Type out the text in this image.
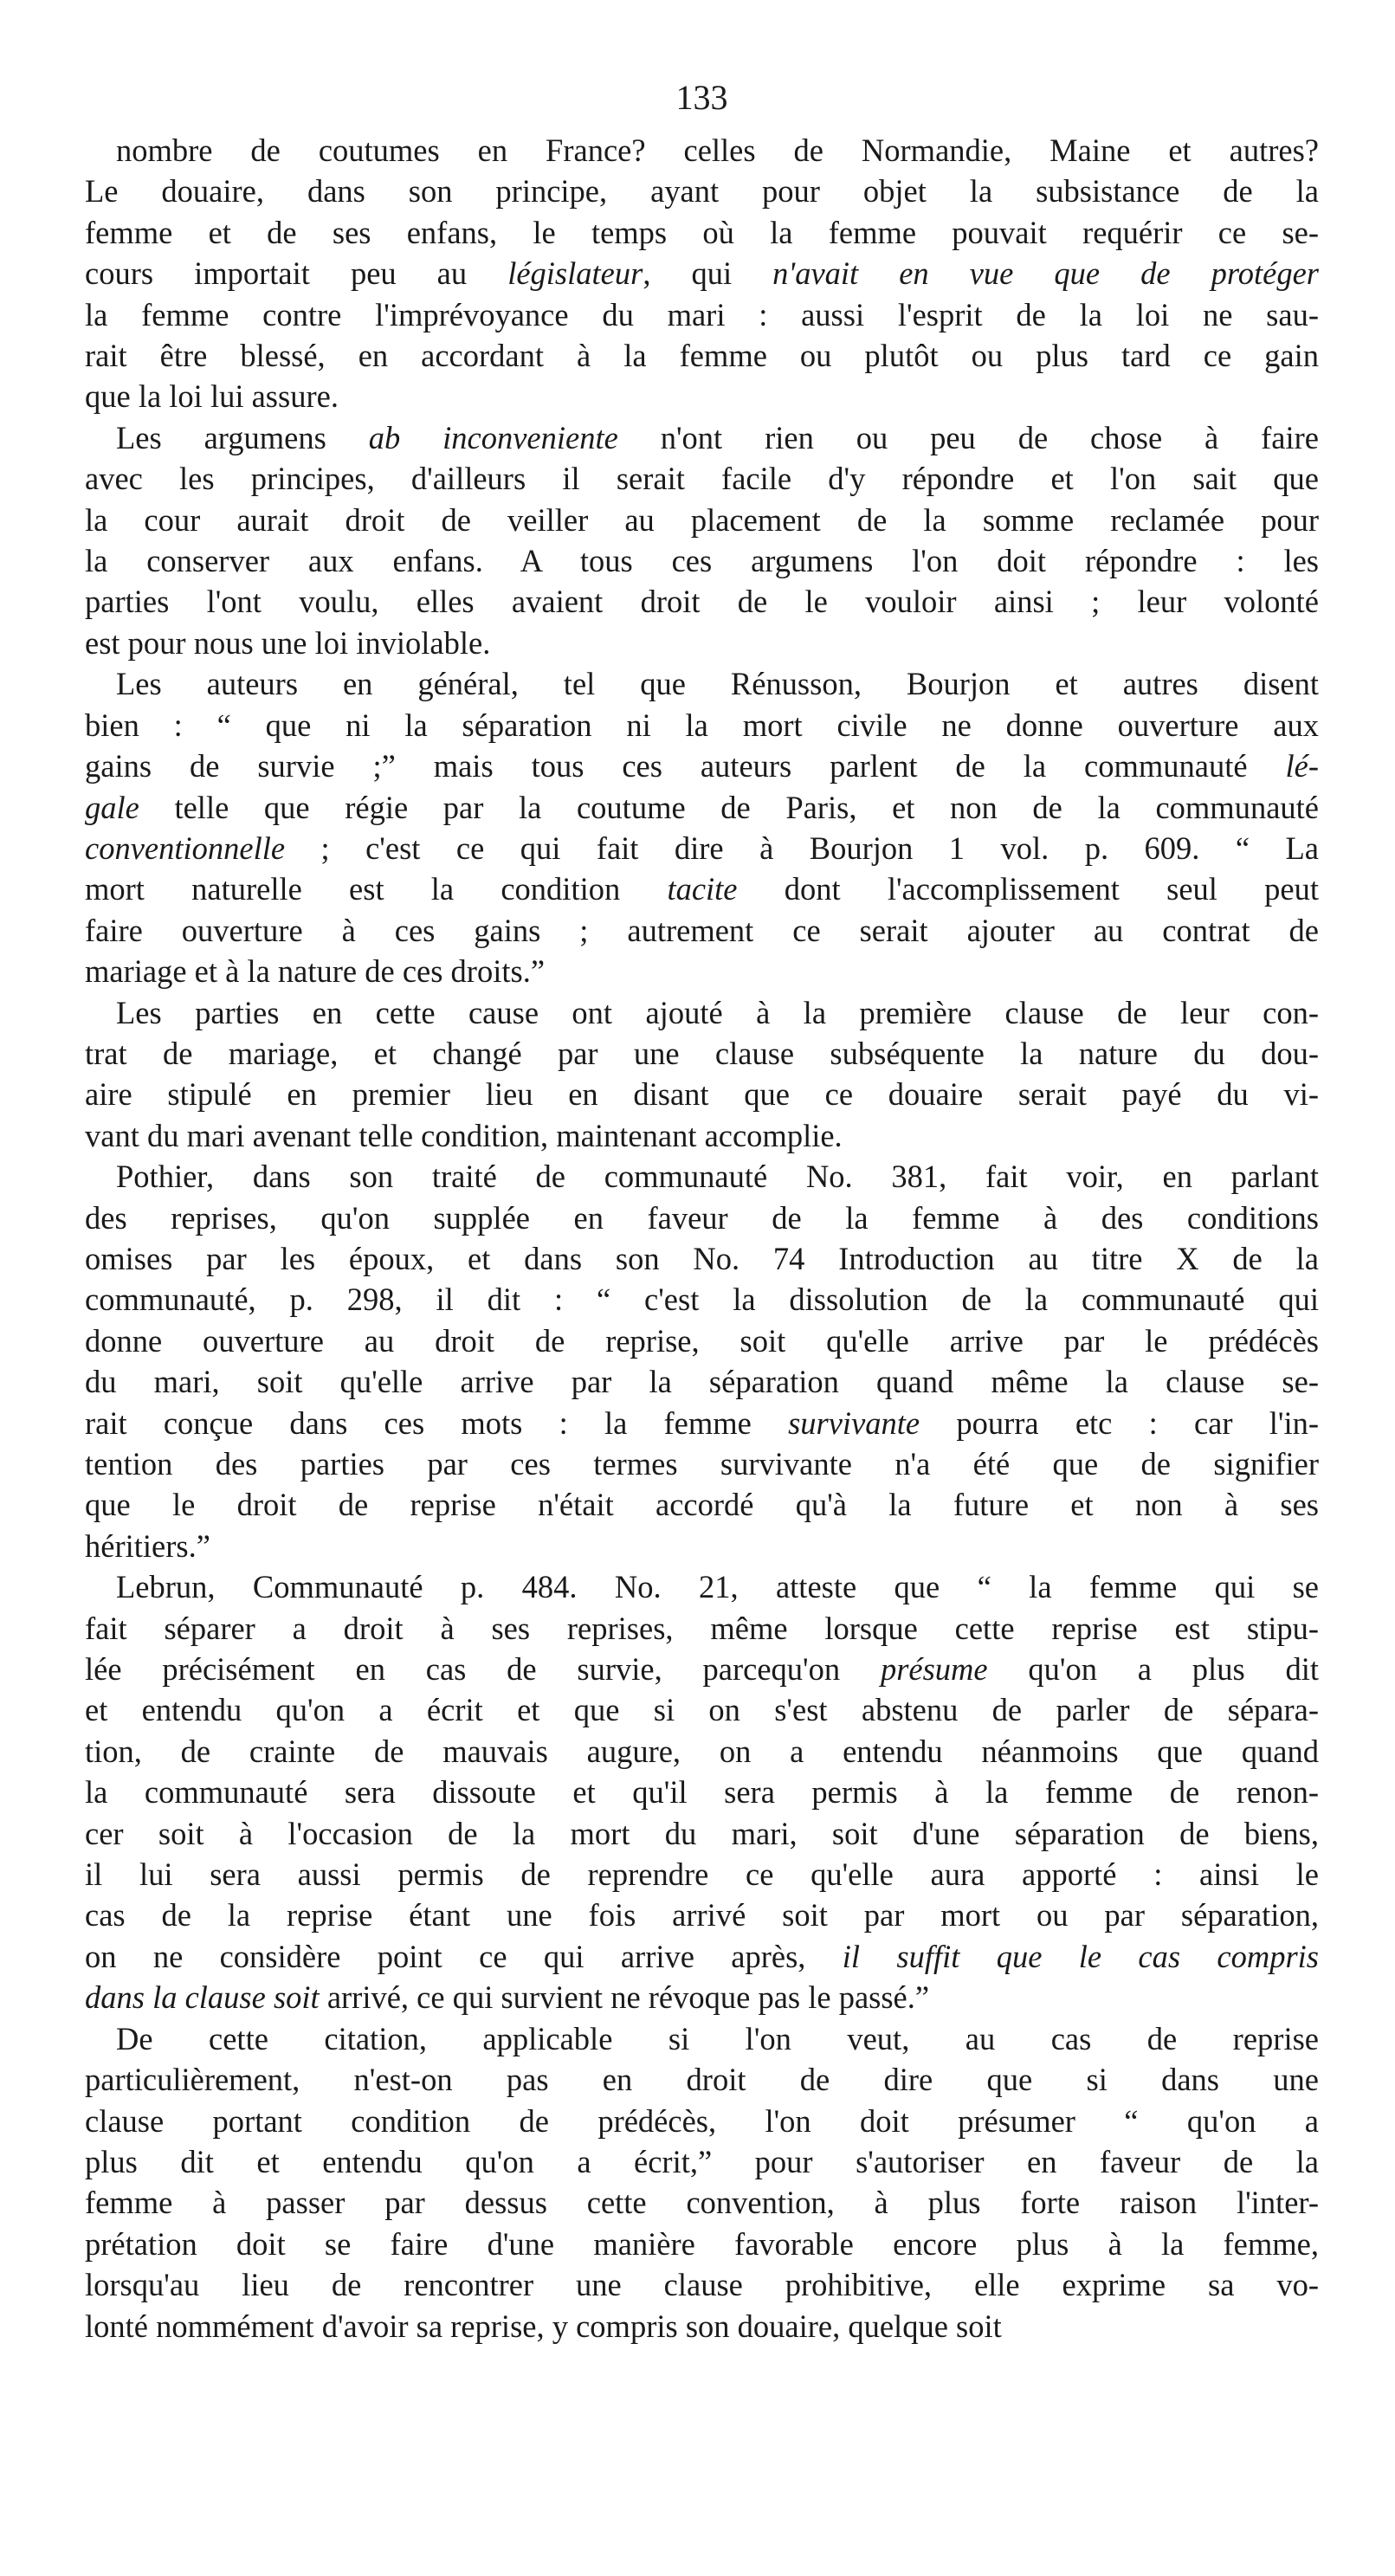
133
nombre de coutumes en France? celles de Normandie, Maine et autres?
Le douaire, dans son principe, ayant pour objet la subsistance de la
femme et de ses enfans, le temps où la femme pouvait requérir ce se-
cours importait peu au législateur, qui n'avait en vue que de protéger
la femme contre l'imprévoyance du mari : aussi l'esprit de la loi ne sau-
rait être blessé, en accordant à la femme ou plutôt ou plus tard ce gain
que la loi lui assure.
Les argumens ab inconveniente n'ont rien ou peu de chose à faire
avec les principes, d'ailleurs il serait facile d'y répondre et l'on sait que
la cour aurait droit de veiller au placement de la somme reclamée pour
la conserver aux enfans. A tous ces argumens l'on doit répondre : les
parties l'ont voulu, elles avaient droit de le vouloir ainsi ; leur volonté
est pour nous une loi inviolable.
Les auteurs en général, tel que Rénusson, Bourjon et autres disent
bien : “ que ni la séparation ni la mort civile ne donne ouverture aux
gains de survie ;” mais tous ces auteurs parlent de la communauté lé-
gale telle que régie par la coutume de Paris, et non de la communauté
conventionnelle ; c'est ce qui fait dire à Bourjon 1 vol. p. 609. “ La
mort naturelle est la condition tacite dont l'accomplissement seul peut
faire ouverture à ces gains ; autrement ce serait ajouter au contrat de
mariage et à la nature de ces droits.”
Les parties en cette cause ont ajouté à la première clause de leur con-
trat de mariage, et changé par une clause subséquente la nature du dou-
aire stipulé en premier lieu en disant que ce douaire serait payé du vi-
vant du mari avenant telle condition, maintenant accomplie.
Pothier, dans son traité de communauté No. 381, fait voir, en parlant
des reprises, qu'on supplée en faveur de la femme à des conditions
omises par les époux, et dans son No. 74 Introduction au titre X de la
communauté, p. 298, il dit : “ c'est la dissolution de la communauté qui
donne ouverture au droit de reprise, soit qu'elle arrive par le prédécès
du mari, soit qu'elle arrive par la séparation quand même la clause se-
rait conçue dans ces mots : la femme survivante pourra etc : car l'in-
tention des parties par ces termes survivante n'a été que de signifier
que le droit de reprise n'était accordé qu'à la future et non à ses
héritiers.”
Lebrun, Communauté p. 484. No. 21, atteste que “ la femme qui se
fait séparer a droit à ses reprises, même lorsque cette reprise est stipu-
lée précisément en cas de survie, parcequ'on présume qu'on a plus dit
et entendu qu'on a écrit et que si on s'est abstenu de parler de sépara-
tion, de crainte de mauvais augure, on a entendu néanmoins que quand
la communauté sera dissoute et qu'il sera permis à la femme de renon-
cer soit à l'occasion de la mort du mari, soit d'une séparation de biens,
il lui sera aussi permis de reprendre ce qu'elle aura apporté : ainsi le
cas de la reprise étant une fois arrivé soit par mort ou par séparation,
on ne considère point ce qui arrive après, il suffit que le cas compris
dans la clause soit arrivé, ce qui survient ne révoque pas le passé.”
De cette citation, applicable si l'on veut, au cas de reprise
particulièrement, n'est-on pas en droit de dire que si dans une
clause portant condition de prédécès, l'on doit présumer “ qu'on a
plus dit et entendu qu'on a écrit,” pour s'autoriser en faveur de la
femme à passer par dessus cette convention, à plus forte raison l'inter-
prétation doit se faire d'une manière favorable encore plus à la femme,
lorsqu'au lieu de rencontrer une clause prohibitive, elle exprime sa vo-
lonté nommément d'avoir sa reprise, y compris son douaire, quelque soit
